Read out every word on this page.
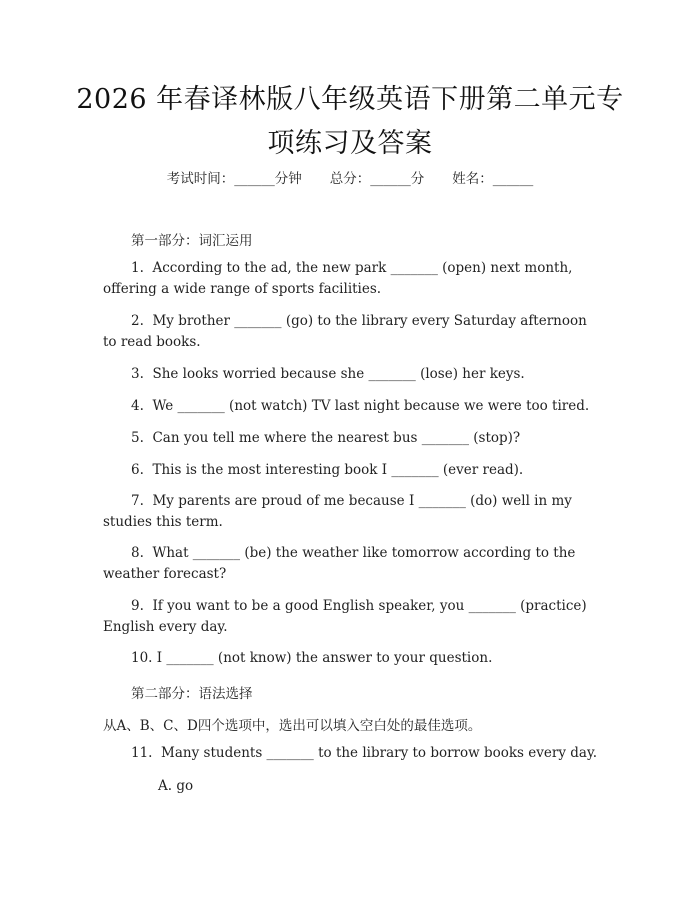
2026 年春译林版八年级英语下册第二单元专
项练习及答案
考试时间：______分钟 总分：______分 姓名：______
第一部分：词汇运用
1.  According to the ad, the new park _______ (open) next month, offering a wide range of sports facilities.
2.  My brother _______ (go) to the library every Saturday afternoon to read books.
3.  She looks worried because she _______ (lose) her keys.
4.  We _______ (not watch) TV last night because we were too tired.
5.  Can you tell me where the nearest bus _______ (stop)?
6.  This is the most interesting book I _______ (ever read).
7.  My parents are proud of me because I _______ (do) well in my studies this term.
8.  What _______ (be) the weather like tomorrow according to the weather forecast?
9.  If you want to be a good English speaker, you _______ (practice) English every day.
10. I _______ (not know) the answer to your question.
第二部分：语法选择
从A、B、C、D四个选项中，选出可以填入空白处的最佳选项。
11.  Many students _______ to the library to borrow books every day.
A. go
